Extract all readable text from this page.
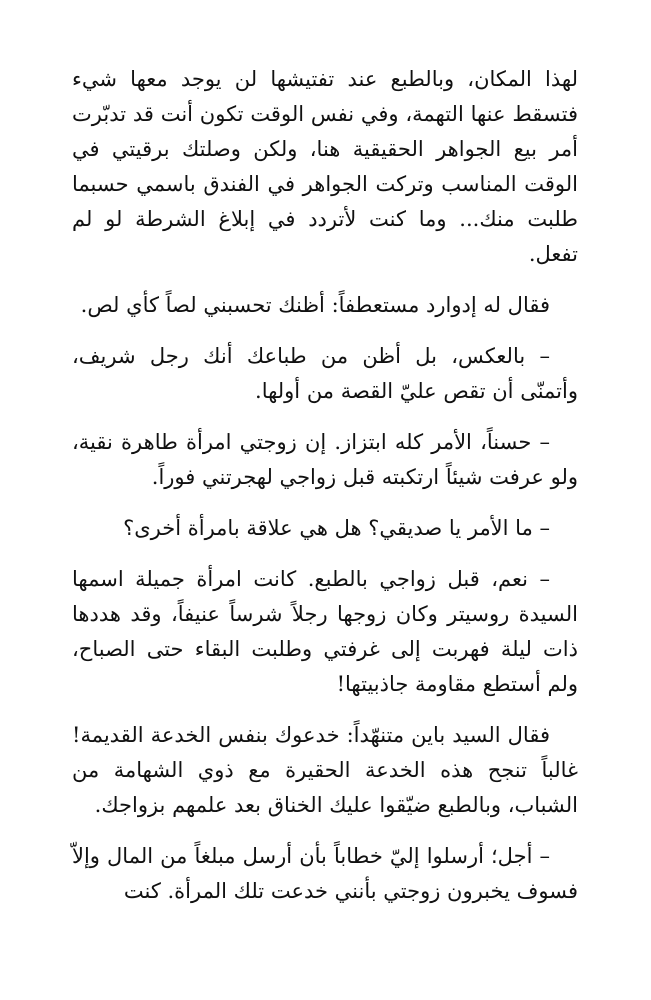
لهذا المكان، وبالطبع عند تفتيشها لن يوجد معها شيء فتسقط عنها التهمة، وفي نفس الوقت تكون أنت قد تدبّرت أمر بيع الجواهر الحقيقية هنا، ولكن وصلتك برقيتي في الوقت المناسب وتركت الجواهر في الفندق باسمي حسبما طلبت منك... وما كنت لأتردد في إبلاغ الشرطة لو لم تفعل.

فقال له إدوارد مستعطفاً: أظنك تحسبني لصاً كأي لص.

– بالعكس، بل أظن من طباعك أنك رجل شريف، وأتمنّى أن تقص عليّ القصة من أولها.

– حسناً، الأمر كله ابتزاز. إن زوجتي امرأة طاهرة نقية، ولو عرفت شيئاً ارتكبته قبل زواجي لهجرتني فوراً.

– ما الأمر يا صديقي؟ هل هي علاقة بامرأة أخرى؟

– نعم، قبل زواجي بالطبع. كانت امرأة جميلة اسمها السيدة روسيتر وكان زوجها رجلاً شرساً عنيفاً، وقد هددها ذات ليلة فهربت إلى غرفتي وطلبت البقاء حتى الصباح، ولم أستطع مقاومة جاذبيتها!

فقال السيد باين متنهّداً: خدعوك بنفس الخدعة القديمة! غالباً تنجح هذه الخدعة الحقيرة مع ذوي الشهامة من الشباب، وبالطبع ضيّقوا عليك الخناق بعد علمهم بزواجك.

– أجل؛ أرسلوا إليّ خطاباً بأن أرسل مبلغاً من المال وإلاّ فسوف يخبرون زوجتي بأنني خدعت تلك المرأة. كنت
